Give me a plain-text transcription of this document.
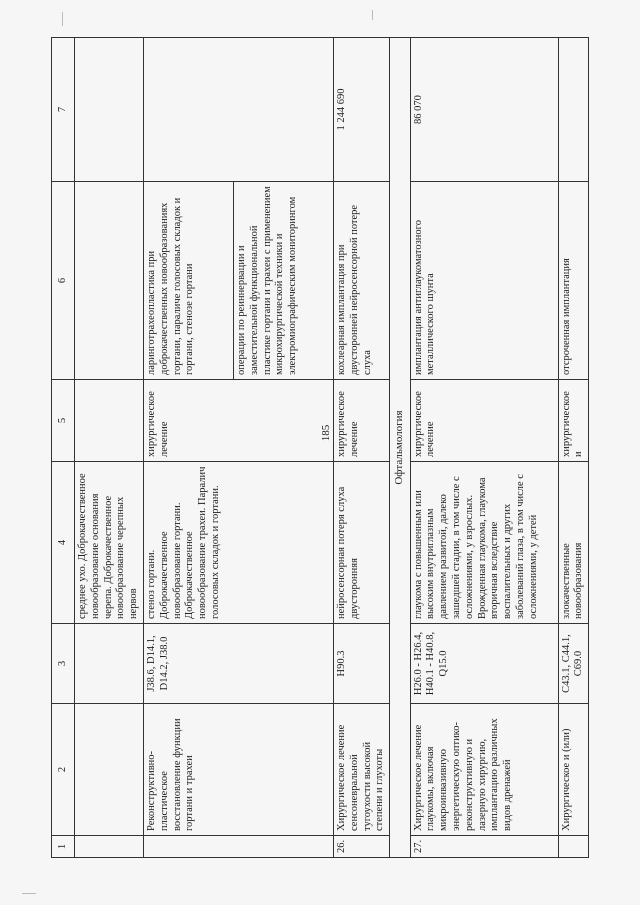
185
1	2	3	4	5	6	7
			среднее ухо. Доброкачественное новообразование основания черепа. Доброкачественное новообразование черепных нервов			
	Реконструктивно-пластическое восстановление функции гортани и трахеи	J38.6, D14.1, D14.2, J38.0	стеноз гортани. Доброкачественное новообразование гортани. Доброкачественное новообразование трахеи. Паралич голосовых складок и гортани.	хирургическое лечение	ларинготрахеопластика при доброкачественных новообразованиях гортани, параличе голосовых складок и гортани, стенозе гортани	
					операции по реиннервации и заместительной функциональной пластике гортани и трахеи с применением микрохирургической техники и электромиографическим мониторингом	
26.	Хирургическое лечение сенсоневральной тугоухости высокой степени и глухоты	H90.3	нейросенсорная потеря слуха двусторонняя	хирургическое лечение	кохлеарная имплантация при двусторонней нейросенсорной потере слуха	1 244 690
Офтальмология						
27.	Хирургическое лечение глаукомы, включая микроинвазивную энергетическую оптико-реконструктивную и лазерную хирургию, имплантацию различных видов дренажей	H26.0 - H26.4, H40.1 - H40.8, Q15.0	глаукома с повышенным или высоким внутриглазным давлением развитой, далеко зашедшей стадии, в том числе с осложнениями, у взрослых. Врожденная глаукома, глаукома вторичная вследствие воспалительных и других заболеваний глаза, в том числе с осложнениями, у детей	хирургическое лечение	имплантация антиглаукоматозного металлического шунта	86 070
	Хирургическое и (или)	C43.1, C44.1, C69.0	злокачественные новообразования	хирургическое и	отсроченная имплантация	
